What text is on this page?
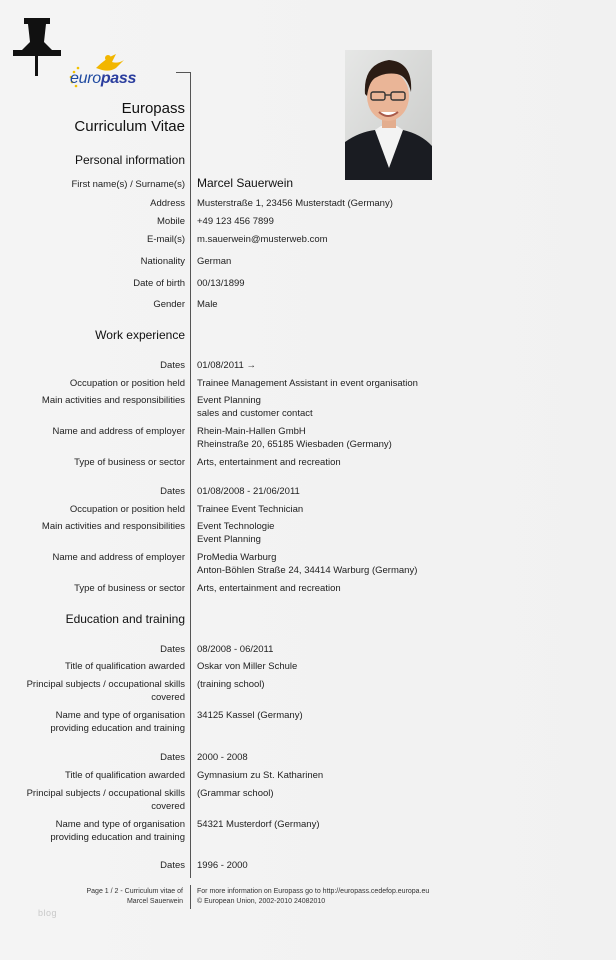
europass
Europass
Curriculum Vitae
Personal information
First name(s) / Surname(s) Marcel Sauerwein
Address Musterstraße 1, 23456 Musterstadt (Germany)
Mobile +49 123 456 7899
E-mail(s) m.sauerwein@musterweb.com
Nationality German
Date of birth 00/13/1899
Gender Male
Work experience
Dates 01/08/2011 →
Occupation or position held Trainee Management Assistant in event organisation
Main activities and responsibilities Event Planning
sales and customer contact
Name and address of employer Rhein-Main-Hallen GmbH
Rheinstraße 20, 65185 Wiesbaden (Germany)
Type of business or sector Arts, entertainment and recreation
Dates 01/08/2008 - 21/06/2011
Occupation or position held Trainee Event Technician
Main activities and responsibilities Event Technologie
Event Planning
Name and address of employer ProMedia Warburg
Anton-Böhlen Straße 24, 34414 Warburg (Germany)
Type of business or sector Arts, entertainment and recreation
Education and training
Dates 08/2008 - 06/2011
Title of qualification awarded Oskar von Miller Schule
Principal subjects / occupational skills
covered
(training school)
Name and type of organisation
providing education and training
34125 Kassel (Germany)
Dates 2000 - 2008
Title of qualification awarded Gymnasium zu St. Katharinen
Principal subjects / occupational skills
covered
(Grammar school)
Name and type of organisation
providing education and training
54321 Musterdorf (Germany)
Dates 1996 - 2000
Page 1 / 2 - Curriculum vitae of
Marcel Sauerwein
For more information on Europass go to http://europass.cedefop.europa.eu
© European Union, 2002-2010 24082010
blog
